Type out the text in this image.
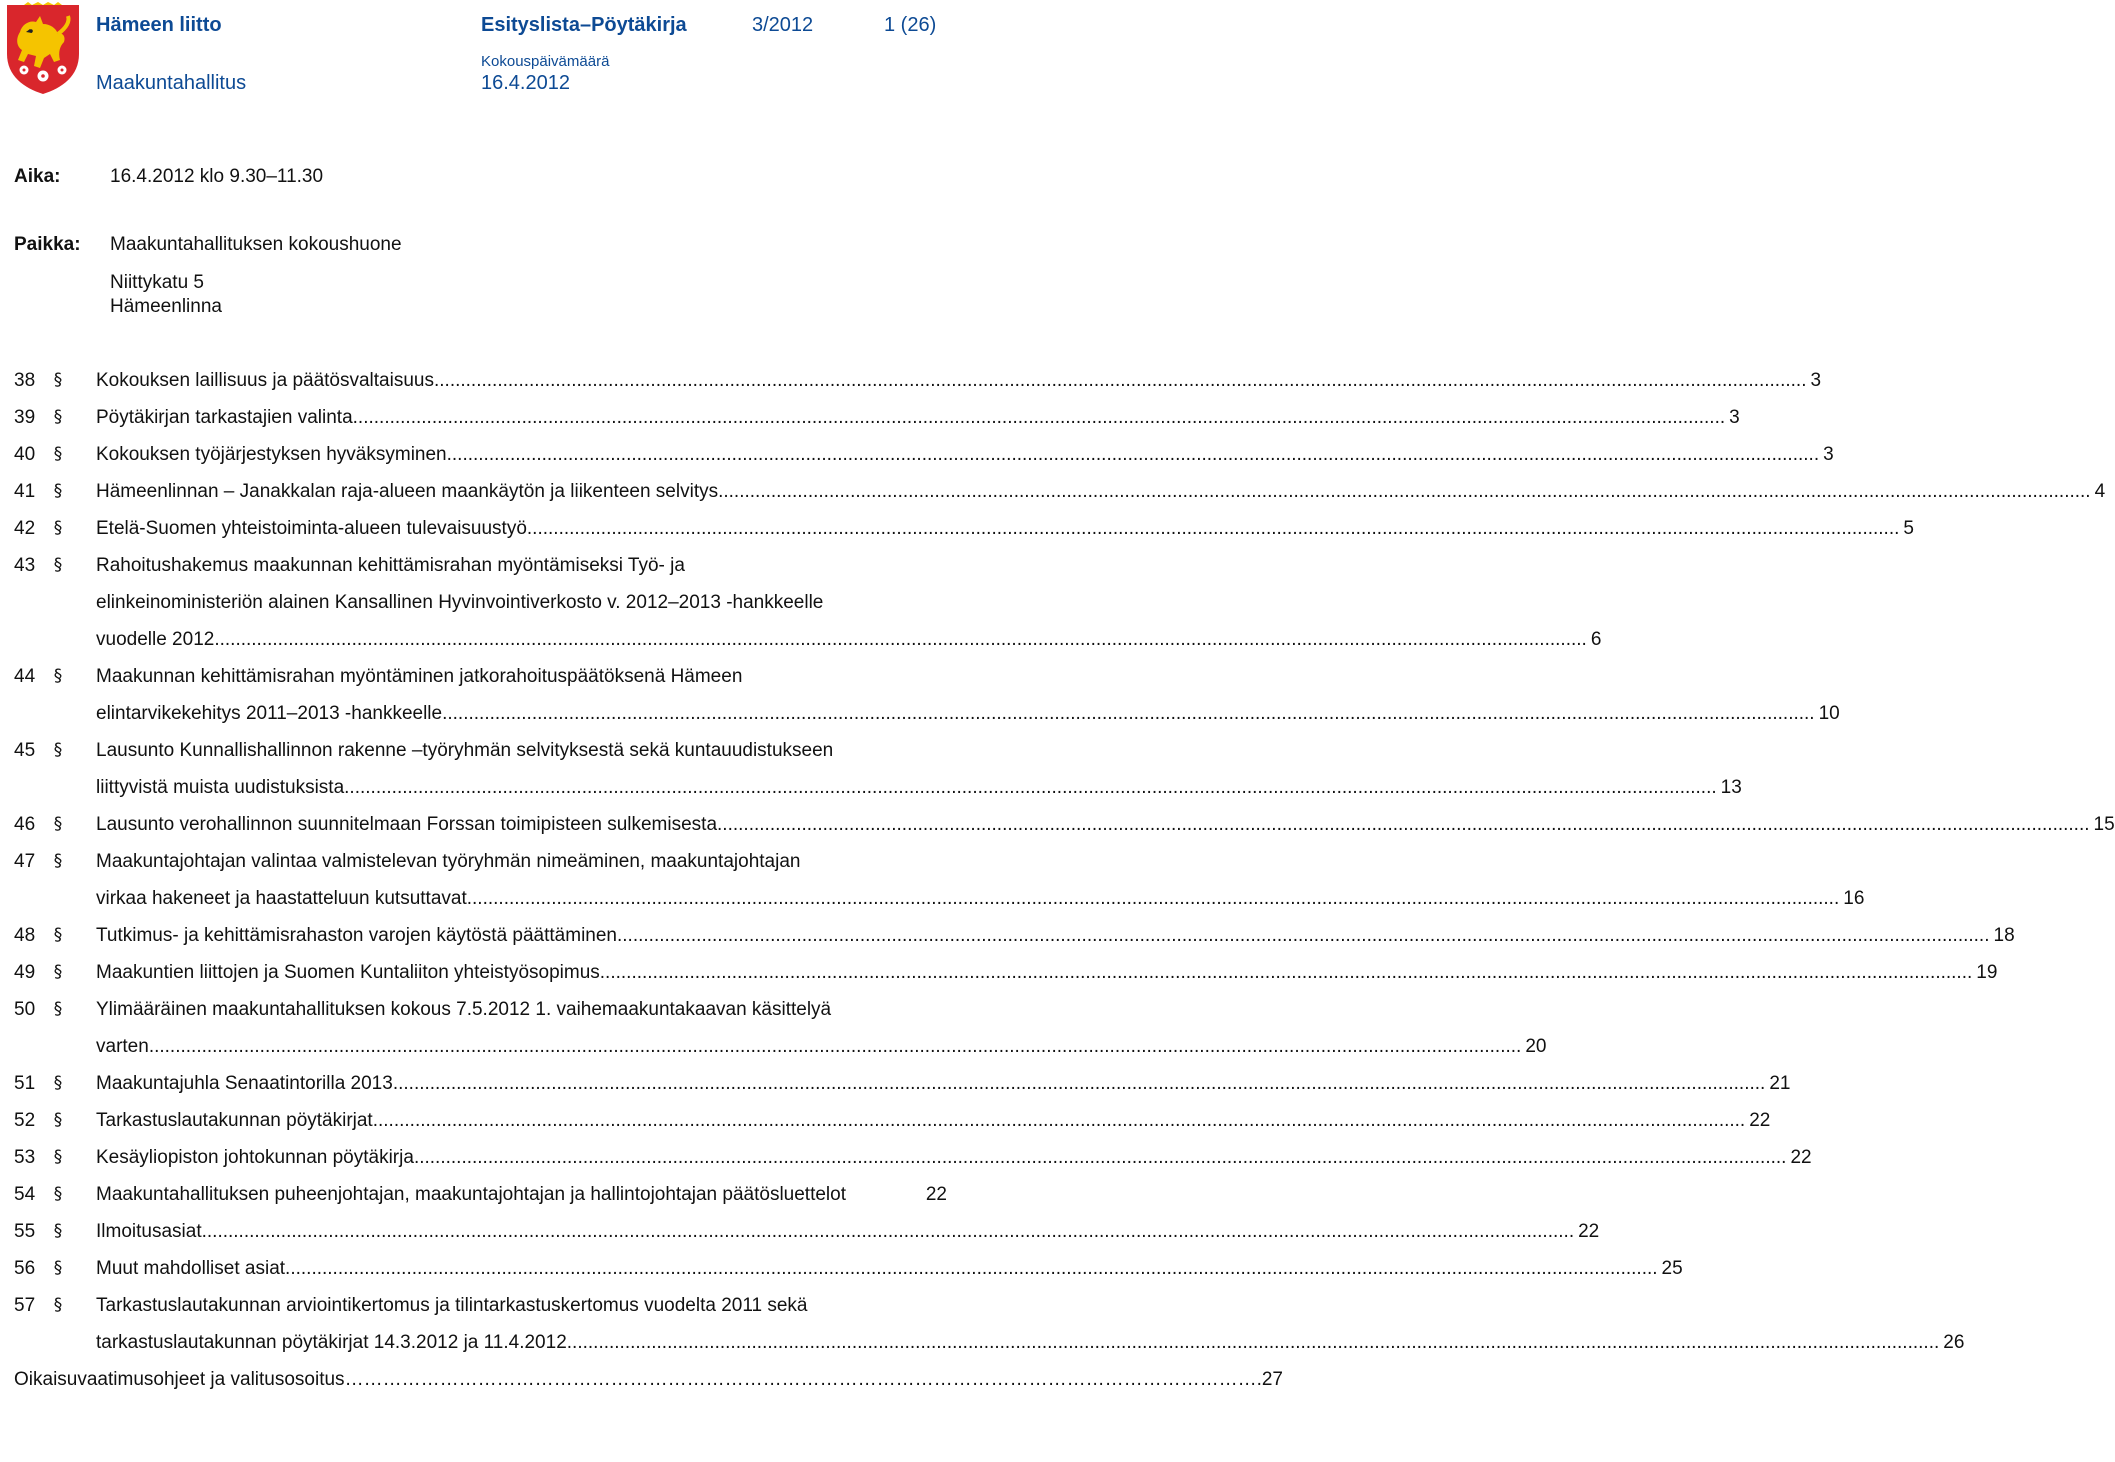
Hämeen liitto
Maakuntahallitus
Esityslista–Pöytäkirja	3/2012	1 (26)
Kokouspäivämäärä
16.4.2012
Aika:	16.4.2012 klo 9.30–11.30
Paikka: Maakuntahallituksen kokoushuone
Niittykatu 5
Hämeenlinna
38	§	Kokouksen laillisuus ja päätösvaltaisuus .................................................................................................................................................................................................................................................................... 3
39	§	Pöytäkirjan tarkastajien valinta .................................................................................................................................................................................................................................................................... 3
40	§	Kokouksen työjärjestyksen hyväksyminen .................................................................................................................................................................................................................................................................... 3
41	§	Hämeenlinnan – Janakkalan raja-alueen maankäytön ja liikenteen selvitys .................................................................................................................................................................................................................................................................... 4
42	§	Etelä-Suomen yhteistoiminta-alueen tulevaisuustyö .................................................................................................................................................................................................................................................................... 5
43	§	Rahoitushakemus maakunnan kehittämisrahan myöntämiseksi Työ- ja
elinkeinoministeriön alainen Kansallinen Hyvinvointiverkosto v. 2012–2013 -hankkeelle
vuodelle 2012 .................................................................................................................................................................................................................................................................... 6
44	§	Maakunnan kehittämisrahan myöntäminen jatkorahoituspäätöksenä Hämeen
elintarvikekehitys 2011–2013 -hankkeelle .................................................................................................................................................................................................................................................................... 10
45	§	Lausunto Kunnallishallinnon rakenne –työryhmän selvityksestä sekä kuntauudistukseen
liittyvistä muista uudistuksista .................................................................................................................................................................................................................................................................... 13
46	§	Lausunto verohallinnon suunnitelmaan Forssan toimipisteen sulkemisesta .................................................................................................................................................................................................................................................................... 15
47	§	Maakuntajohtajan valintaa valmistelevan työryhmän nimeäminen, maakuntajohtajan
virkaa hakeneet ja haastatteluun kutsuttavat .................................................................................................................................................................................................................................................................... 16
48	§	Tutkimus- ja kehittämisrahaston varojen käytöstä päättäminen .................................................................................................................................................................................................................................................................... 18
49	§	Maakuntien liittojen ja Suomen Kuntaliiton yhteistyösopimus .................................................................................................................................................................................................................................................................... 19
50	§	Ylimääräinen maakuntahallituksen kokous 7.5.2012 1. vaihemaakuntakaavan käsittelyä
varten .................................................................................................................................................................................................................................................................... 20
51	§	Maakuntajuhla Senaatintorilla 2013 .................................................................................................................................................................................................................................................................... 21
52	§	Tarkastuslautakunnan pöytäkirjat .................................................................................................................................................................................................................................................................... 22
53	§	Kesäyliopiston johtokunnan pöytäkirja .................................................................................................................................................................................................................................................................... 22
54	§	Maakuntahallituksen puheenjohtajan, maakuntajohtajan ja hallintojohtajan päätösluettelot	22
55	§	Ilmoitusasiat .................................................................................................................................................................................................................................................................... 22
56	§	Muut mahdolliset asiat .................................................................................................................................................................................................................................................................... 25
57	§	Tarkastuslautakunnan arviointikertomus ja tilintarkastuskertomus vuodelta 2011 sekä
tarkastuslautakunnan pöytäkirjat 14.3.2012 ja 11.4.2012 .................................................................................................................................................................................................................................................................... 26
Oikaisuvaatimusohjeet ja valitusosoitus ……………………………………………………………………………………………………………………………… .27
